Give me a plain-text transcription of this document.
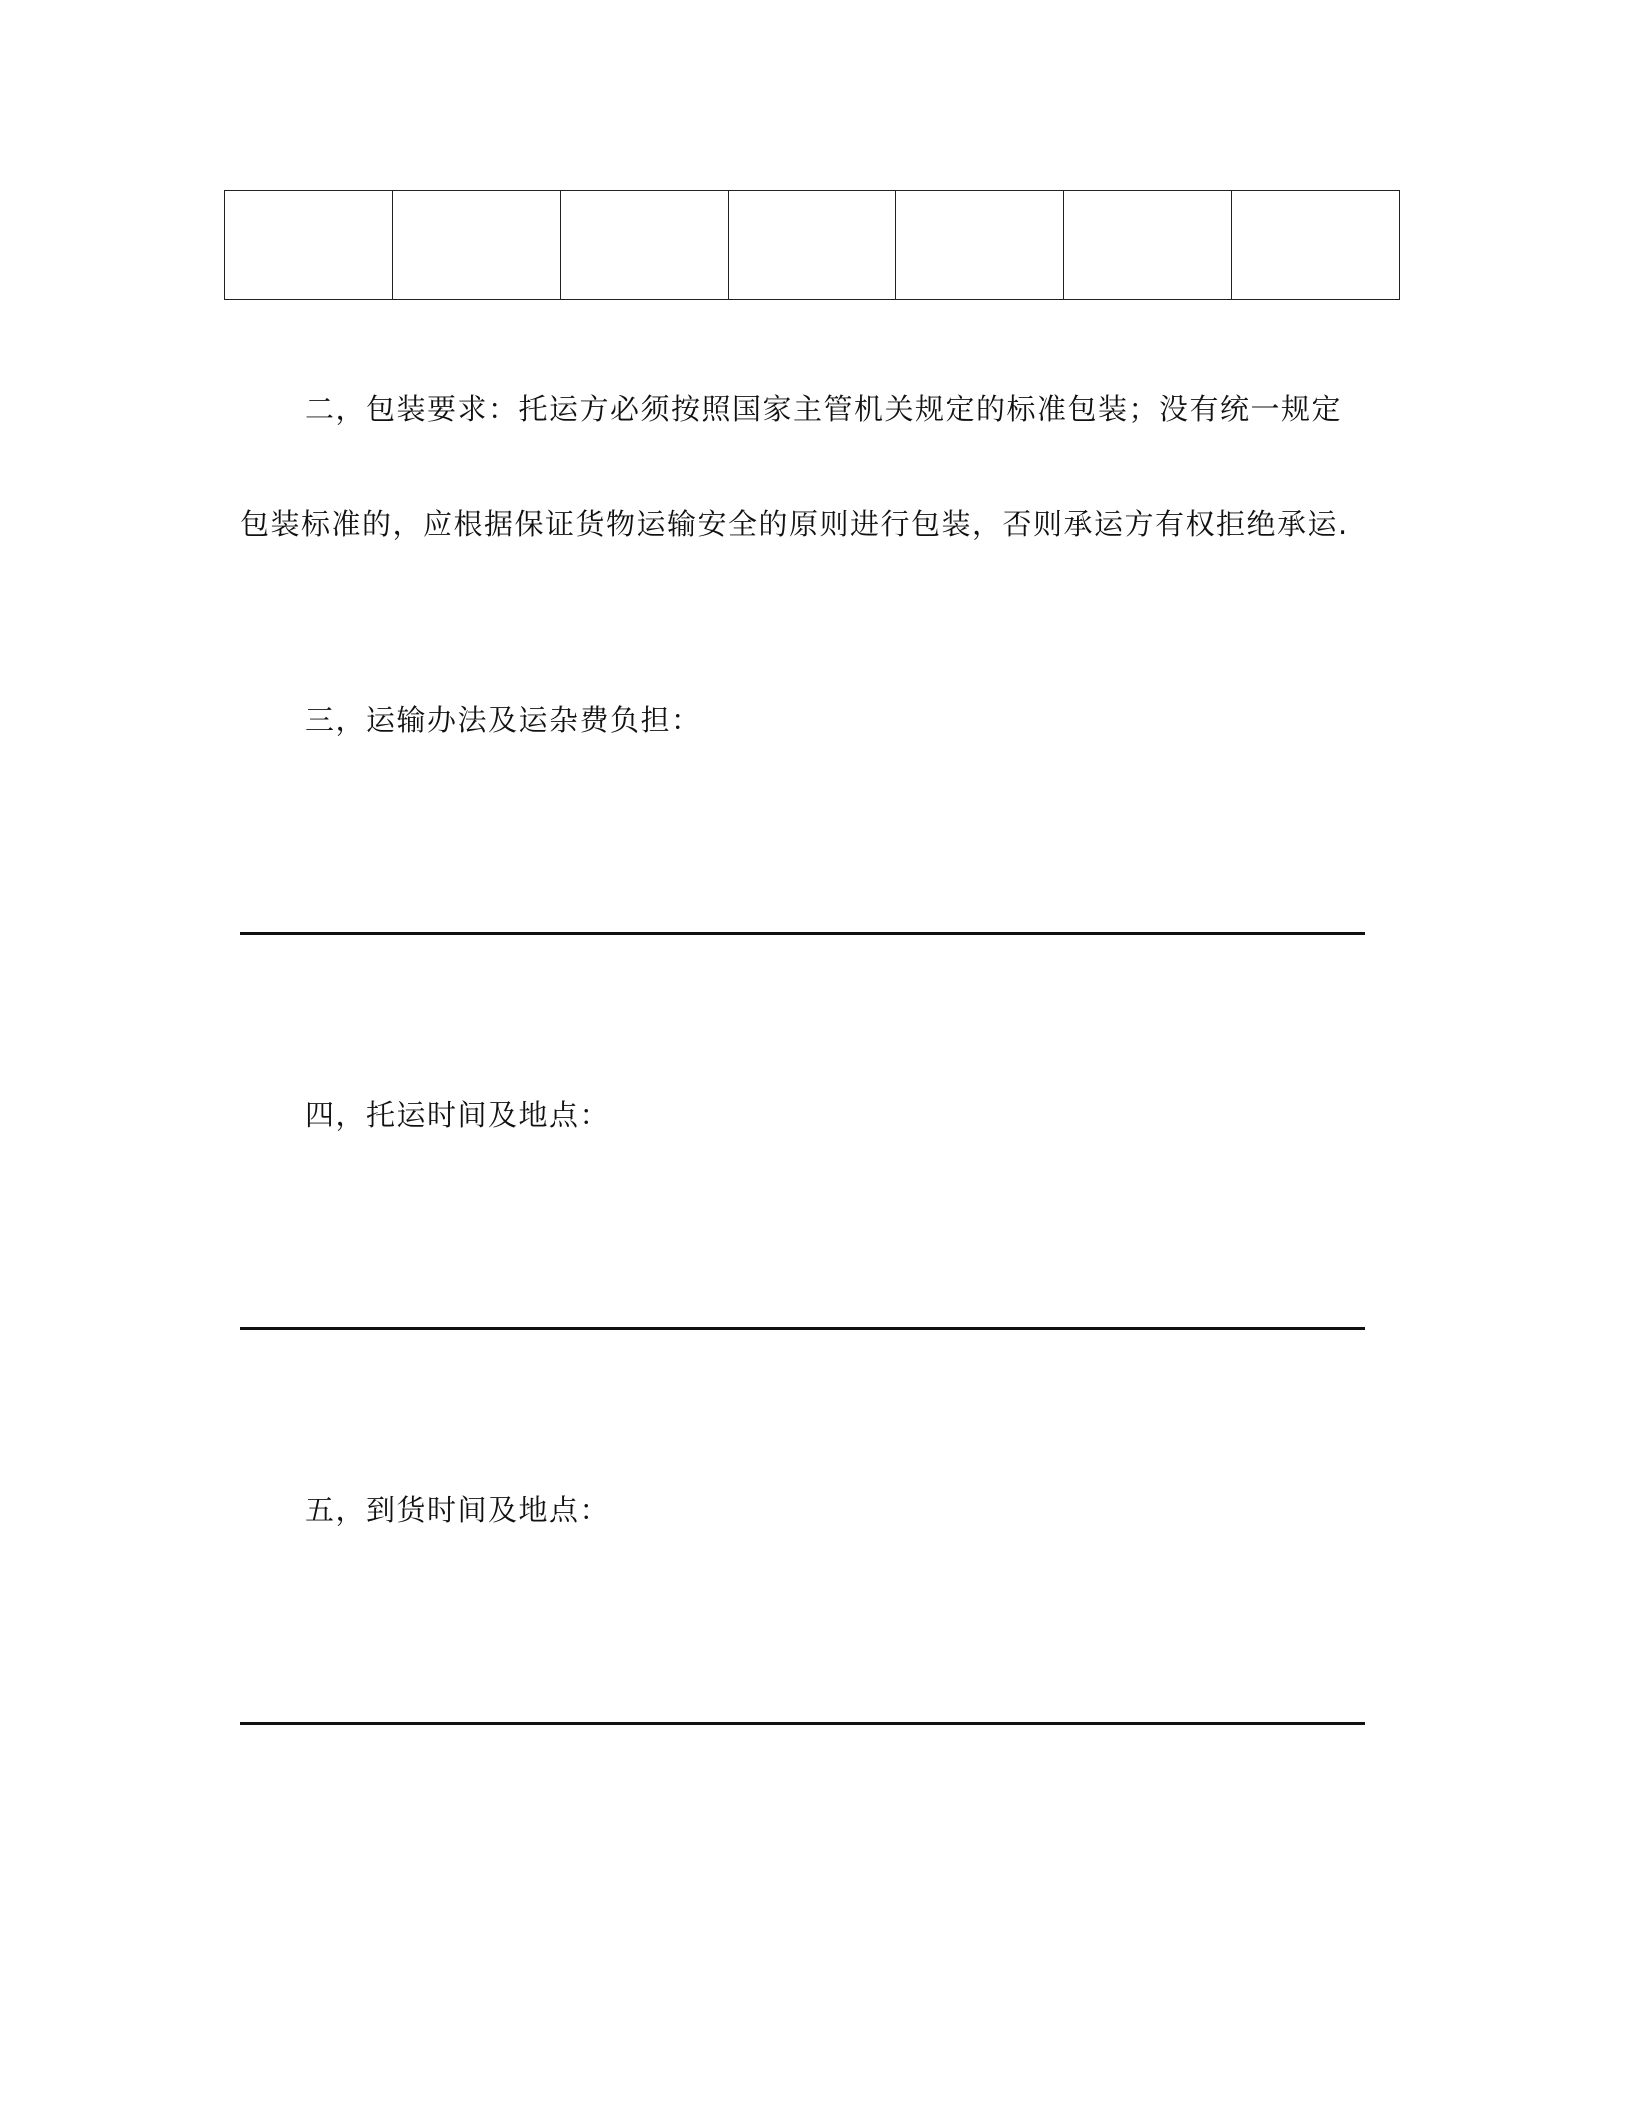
二，包装要求：托运方必须按照国家主管机关规定的标准包装；没有统一规定
包装标准的，应根据保证货物运输安全的原则进行包装，否则承运方有权拒绝承运.
三，运输办法及运杂费负担：
四，托运时间及地点：
五，到货时间及地点：
